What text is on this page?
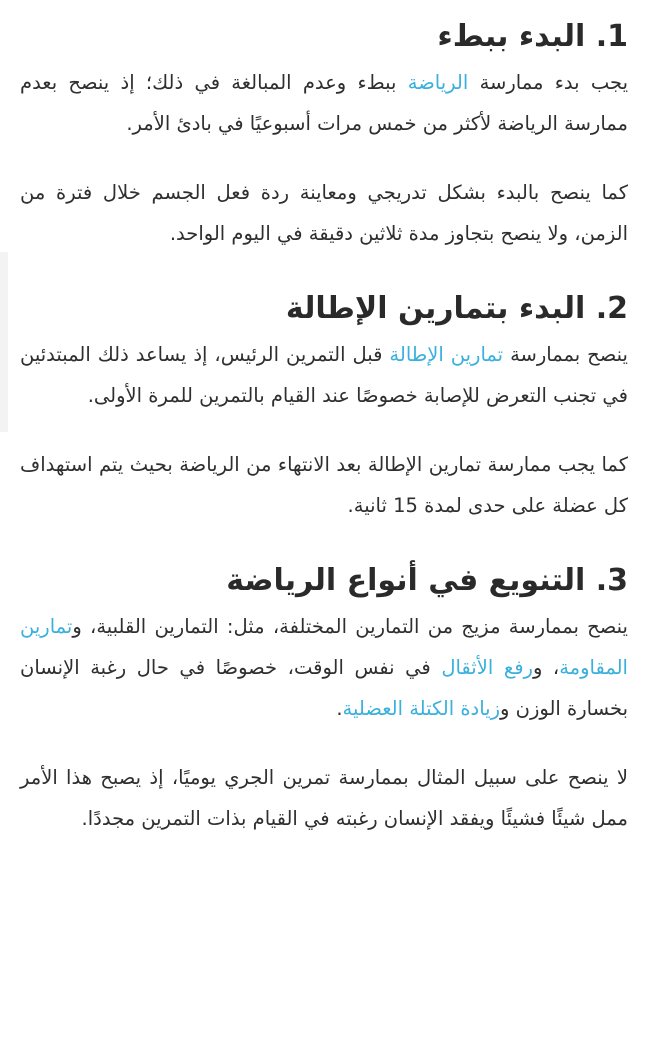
1. البدء ببطء

يجب بدء ممارسة الرياضة ببطء وعدم المبالغة في ذلك؛ إذ ينصح بعدم ممارسة الرياضة لأكثر من خمس مرات أسبوعيًا في بادئ الأمر.

كما ينصح بالبدء بشكل تدريجي ومعاينة ردة فعل الجسم خلال فترة من الزمن، ولا ينصح بتجاوز مدة ثلاثين دقيقة في اليوم الواحد.

2. البدء بتمارين الإطالة

ينصح بممارسة تمارين الإطالة قبل التمرين الرئيس، إذ يساعد ذلك المبتدئين في تجنب التعرض للإصابة خصوصًا عند القيام بالتمرين للمرة الأولى.

كما يجب ممارسة تمارين الإطالة بعد الانتهاء من الرياضة بحيث يتم استهداف كل عضلة على حدى لمدة 15 ثانية.

3. التنويع في أنواع الرياضة

ينصح بممارسة مزيج من التمارين المختلفة، مثل: التمارين القلبية، وتمارين المقاومة، ورفع الأثقال في نفس الوقت، خصوصًا في حال رغبة الإنسان بخسارة الوزن وزيادة الكتلة العضلية.

لا ينصح على سبيل المثال بممارسة تمرين الجري يوميًا، إذ يصبح هذا الأمر ممل شيئًا فشيئًا ويفقد الإنسان رغبته في القيام بذات التمرين مجددًا.
